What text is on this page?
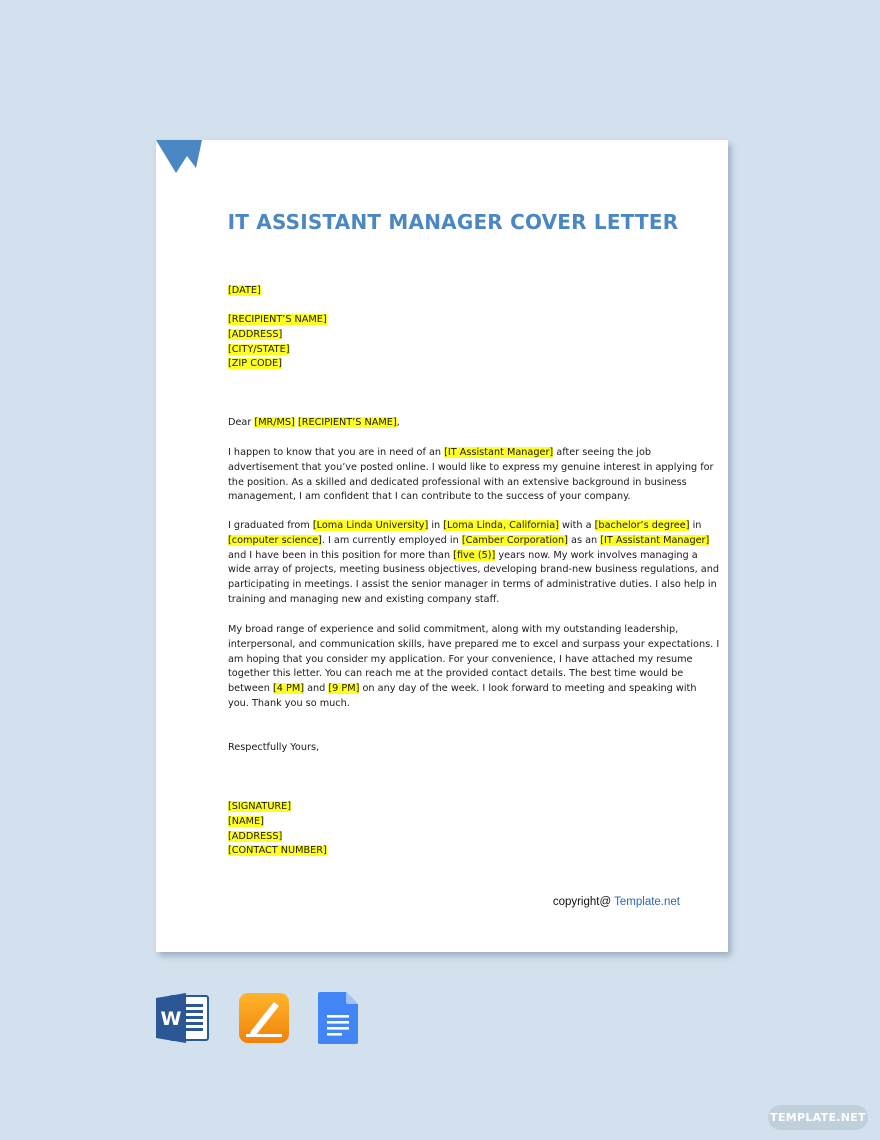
IT ASSISTANT MANAGER COVER LETTER
[DATE]
[RECIPIENT’S NAME]
[ADDRESS]
[CITY/STATE]
[ZIP CODE]
Dear [MR/MS] [RECIPIENT’S NAME],
I happen to know that you are in need of an [IT Assistant Manager] after seeing the job
advertisement that you’ve posted online. I would like to express my genuine interest in applying for
the position. As a skilled and dedicated professional with an extensive background in business
management, I am confident that I can contribute to the success of your company.
I graduated from [Loma Linda University] in [Loma Linda, California] with a [bachelor’s degree] in
[computer science]. I am currently employed in [Camber Corporation] as an [IT Assistant Manager]
and I have been in this position for more than [five (5)] years now. My work involves managing a
wide array of projects, meeting business objectives, developing brand-new business regulations, and
participating in meetings. I assist the senior manager in terms of administrative duties. I also help in
training and managing new and existing company staff.
My broad range of experience and solid commitment, along with my outstanding leadership,
interpersonal, and communication skills, have prepared me to excel and surpass your expectations. I
am hoping that you consider my application. For your convenience, I have attached my resume
together this letter. You can reach me at the provided contact details. The best time would be
between [4 PM] and [9 PM] on any day of the week. I look forward to meeting and speaking with
you. Thank you so much.
Respectfully Yours,
[SIGNATURE]
[NAME]
[ADDRESS]
[CONTACT NUMBER]
copyright@ Template.net
W
TEMPLATE.NET
